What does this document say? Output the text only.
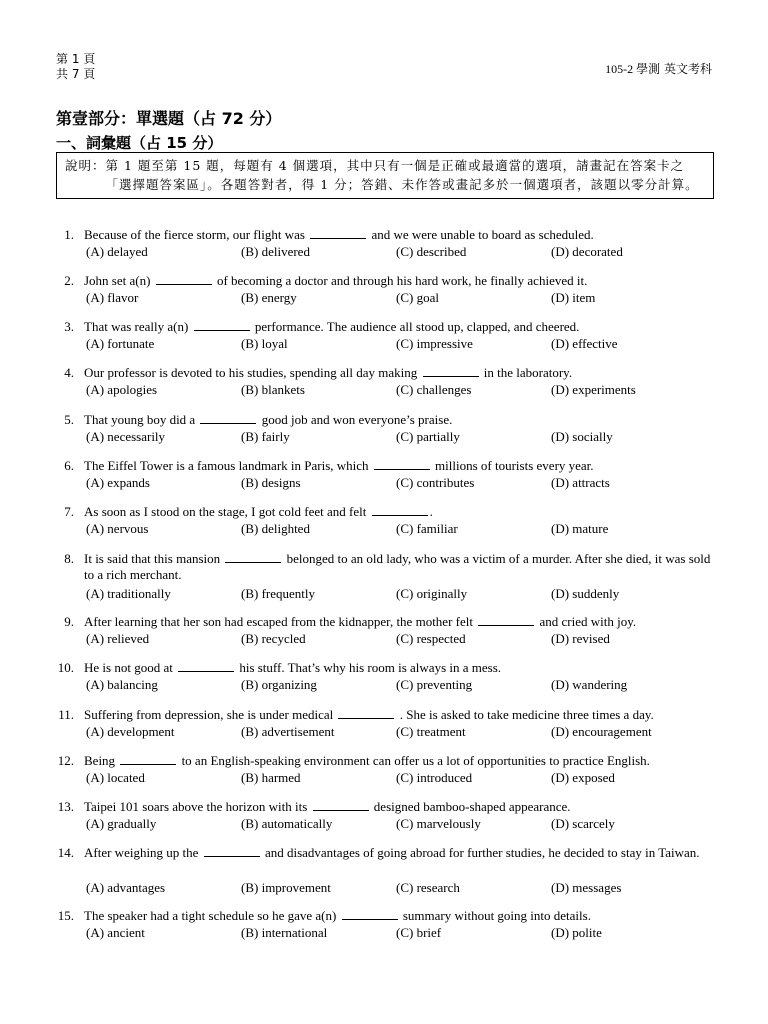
第 1 頁
共 7 頁	105-2 學測 英文考科
第壹部分：單選題（占 72 分）
一、詞彙題（占 15 分）
說明： 第 1 題至第 15 題，每題有 4 個選項，其中只有一個是正確或最適當的選項，請畫記在答案卡之「選擇題答案區」。各題答對者，得 1 分；答錯、未作答或畫記多於一個選項者，該題以零分計算。
1. Because of the fierce storm, our flight was	and we were unable to board as scheduled.
(A) delayed	(B) delivered	(C) described	(D) decorated
2. John set a(n)	of becoming a doctor and through his hard work, he finally achieved it.
(A) flavor	(B) energy	(C) goal	(D) item
3. That was really a(n)	performance. The audience all stood up, clapped, and cheered.
(A) fortunate	(B) loyal	(C) impressive	(D) effective
4. Our professor is devoted to his studies, spending all day making	in the laboratory.
(A) apologies	(B) blankets	(C) challenges	(D) experiments
5. That young boy did a	good job and won everyone’s praise.
(A) necessarily	(B) fairly	(C) partially	(D) socially
6. The Eiffel Tower is a famous landmark in Paris, which	millions of tourists every year.
(A) expands	(B) designs	(C) contributes	(D) attracts
7. As soon as I stood on the stage, I got cold feet and felt	.
(A) nervous	(B) delighted	(C) familiar	(D) mature
8. It is said that this mansion	belonged to an old lady, who was a victim of a murder. After she died, it was sold to a rich merchant.
(A) traditionally	(B) frequently	(C) originally	(D) suddenly
9. After learning that her son had escaped from the kidnapper, the mother felt	and cried with joy.
(A) relieved	(B) recycled	(C) respected	(D) revised
10. He is not good at	his stuff. That’s why his room is always in a mess.
(A) balancing	(B) organizing	(C) preventing	(D) wandering
11. Suffering from depression, she is under medical	. She is asked to take medicine three times a day.
(A) development	(B) advertisement	(C) treatment	(D) encouragement
12. Being	to an English-speaking environment can offer us a lot of opportunities to practice English.
(A) located	(B) harmed	(C) introduced	(D) exposed
13. Taipei 101 soars above the horizon with its	designed bamboo-shaped appearance.
(A) gradually	(B) automatically	(C) marvelously	(D) scarcely
14. After weighing up the	and disadvantages of going abroad for further studies, he decided to stay in Taiwan.
(A) advantages	(B) improvement	(C) research	(D) messages
15. The speaker had a tight schedule so he gave a(n)	summary without going into details.
(A) ancient	(B) international	(C) brief	(D) polite
